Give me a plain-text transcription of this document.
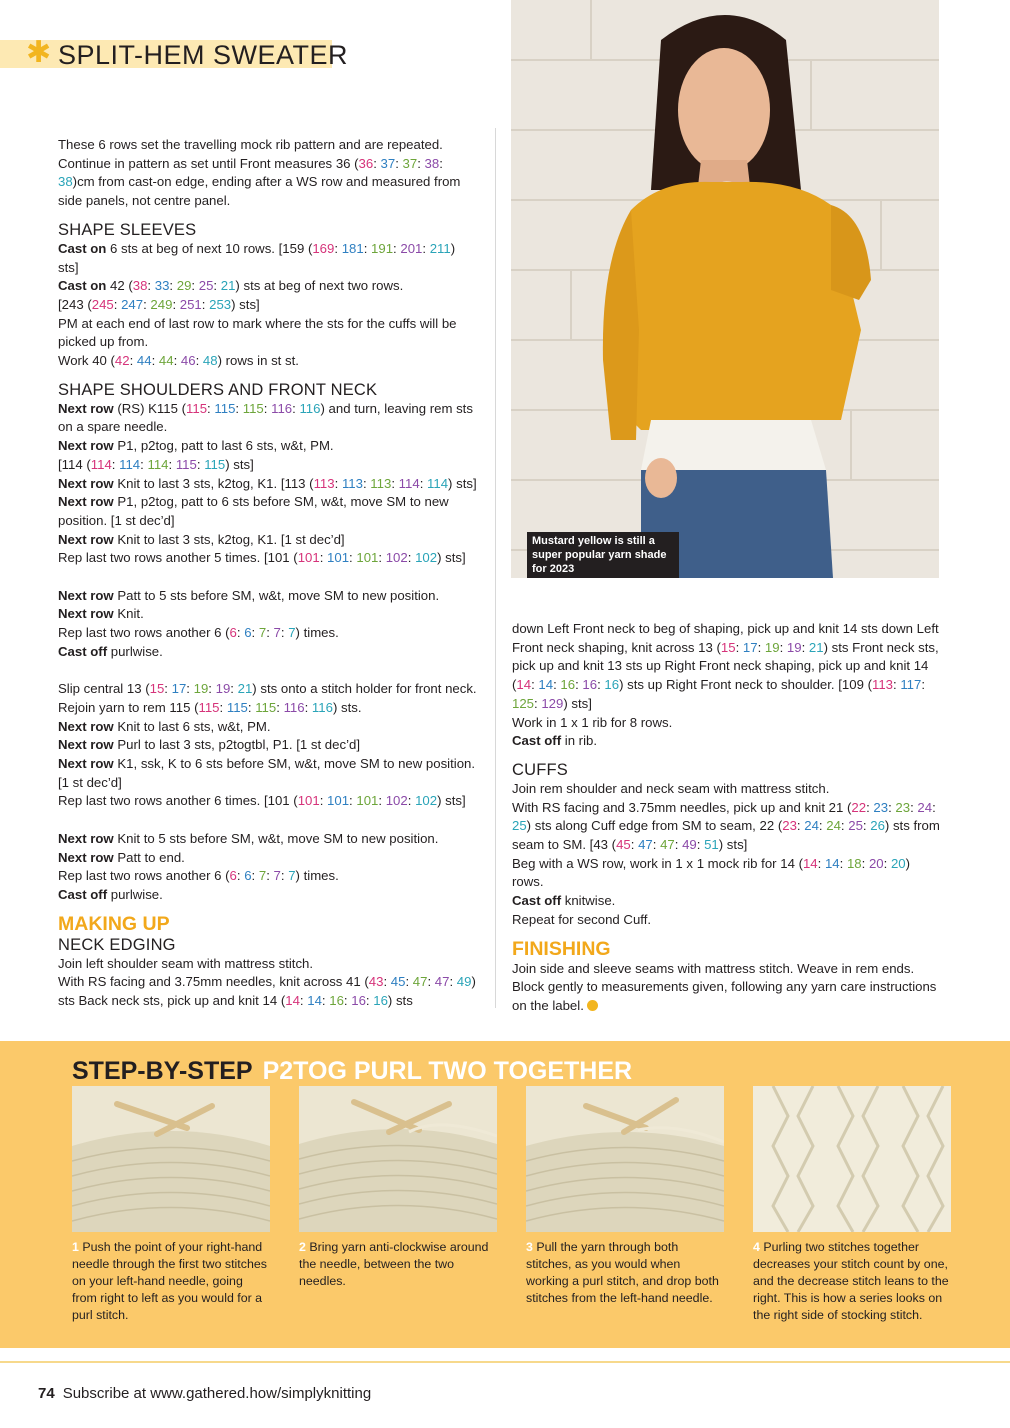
✱ SPLIT-HEM SWEATER
Mustard yellow is still a super popular yarn shade for 2023

These 6 rows set the travelling mock rib pattern and are repeated. Continue in pattern as set until Front measures 36 (36: 37: 37: 38: 38)cm from cast-on edge, ending after a WS row and measured from side panels, not centre panel.

SHAPE SLEEVES

Cast on 6 sts at beg of next 10 rows. [159 (169: 181: 191: 201: 211) sts]
Cast on 42 (38: 33: 29: 25: 21) sts at beg of next two rows.
[243 (245: 247: 249: 251: 253) sts]
PM at each end of last row to mark where the sts for the cuffs will be picked up from.
Work 40 (42: 44: 44: 46: 48) rows in st st.

SHAPE SHOULDERS AND FRONT NECK

Next row (RS) K115 (115: 115: 115: 116: 116) and turn, leaving rem sts on a spare needle.
Next row P1, p2tog, patt to last 6 sts, w&t, PM.
[114 (114: 114: 114: 115: 115) sts]
Next row Knit to last 3 sts, k2tog, K1. [113 (113: 113: 113: 114: 114) sts]
Next row P1, p2tog, patt to 6 sts before SM, w&t, move SM to new position. [1 st dec’d]
Next row Knit to last 3 sts, k2tog, K1. [1 st dec’d]
Rep last two rows another 5 times. [101 (101: 101: 101: 102: 102) sts]

Next row Patt to 5 sts before SM, w&t, move SM to new position.
Next row Knit.
Rep last two rows another 6 (6: 6: 7: 7: 7) times.
Cast off purlwise.

Slip central 13 (15: 17: 19: 19: 21) sts onto a stitch holder for front neck.
Rejoin yarn to rem 115 (115: 115: 115: 116: 116) sts.
Next row Knit to last 6 sts, w&t, PM.
Next row Purl to last 3 sts, p2togtbl, P1. [1 st dec’d]
Next row K1, ssk, K to 6 sts before SM, w&t, move SM to new position. [1 st dec’d]
Rep last two rows another 6 times. [101 (101: 101: 101: 102: 102) sts]

Next row Knit to 5 sts before SM, w&t, move SM to new position.
Next row Patt to end.
Rep last two rows another 6 (6: 6: 7: 7: 7) times.
Cast off purlwise.

MAKING UP
NECK EDGING

Join left shoulder seam with mattress stitch.
With RS facing and 3.75mm needles, knit across 41 (43: 45: 47: 47: 49) sts Back neck sts, pick up and knit 14 (14: 14: 16: 16: 16) sts

down Left Front neck to beg of shaping, pick up and knit 14 sts down Left Front neck shaping, knit across 13 (15: 17: 19: 19: 21) sts Front neck sts, pick up and knit 13 sts up Right Front neck shaping, pick up and knit 14 (14: 14: 16: 16: 16) sts up Right Front neck to shoulder. [109 (113: 117: 125: 129) sts]
Work in 1 x 1 rib for 8 rows.
Cast off in rib.

CUFFS

Join rem shoulder and neck seam with mattress stitch.
With RS facing and 3.75mm needles, pick up and knit 21 (22: 23: 23: 24: 25) sts along Cuff edge from SM to seam, 22 (23: 24: 24: 25: 26) sts from seam to SM. [43 (45: 47: 47: 49: 51) sts]
Beg with a WS row, work in 1 x 1 mock rib for 14 (14: 14: 18: 20: 20) rows.
Cast off knitwise.
Repeat for second Cuff.

FINISHING

Join side and sleeve seams with mattress stitch. Weave in rem ends. Block gently to measurements given, following any yarn care instructions on the label.

STEP-BY-STEP P2TOG PURL TWO TOGETHER
1 Push the point of your right-hand needle through the first two stitches on your left-hand needle, going from right to left as you would for a purl stitch.
2 Bring yarn anti-clockwise around the needle, between the two needles.
3 Pull the yarn through both stitches, as you would when working a purl stitch, and drop both stitches from the left-hand needle.
4 Purling two stitches together decreases your stitch count by one, and the decrease stitch leans to the right. This is how a series looks on the right side of stocking stitch.
74 Subscribe at www.gathered.how/simplyknitting
